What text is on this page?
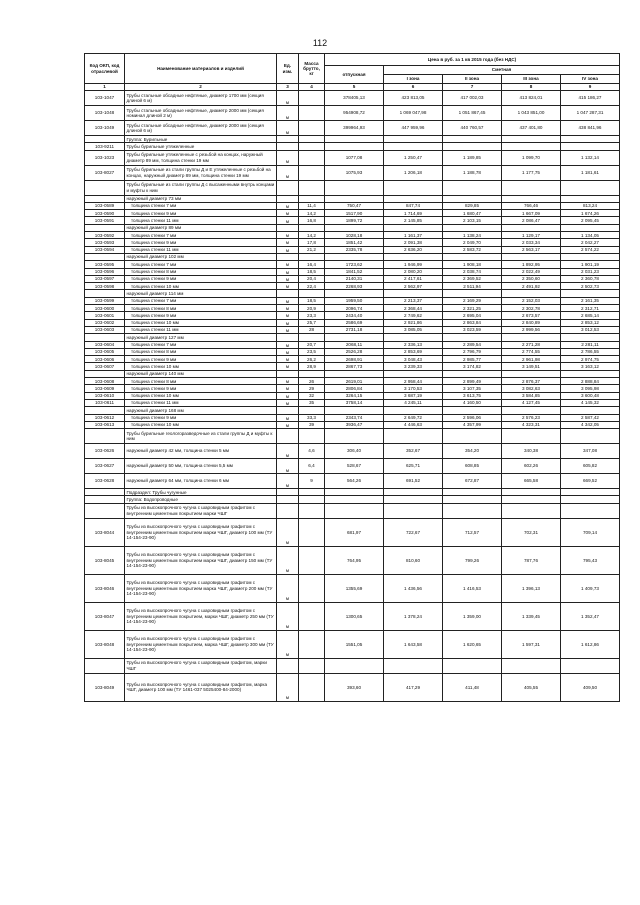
112
Код ОКП, код отраслевой	Наименование материалов и изделий	Ед. изм.	Масса брутто, кг	Цена в руб. за 1 кв 2015 года (без НДС)				
				отпускная	Сметная			
					I зона	II зона	III зона	IV зона
1	2	3	4	5	6	7	8	9
103-1047	Трубы стальные обсадные нефтяные, диаметр 1700 мм (секция длиной 6 м)	м		378405,13	423 813,05	417 002,03	413 824,01	415 186,27
103-1048	Трубы стальные обсадные нефтяные, диаметр 2000 мм (секция номинал длиной 2 м)	м		954908,72	1 069 047,98	1 051 867,45	1 043 851,00	1 047 287,31
103-1049	Трубы стальные обсадные нефтяные, диаметр 2000 мм (секция длиной 6 м)	м		399964,93	447 959,96	440 760,57	437 401,80	438 841,96
	Группа: Бурильные							
103-9211	Трубы бурильные утяжеленные							
103-1023	Трубы бурильные утяжеленные с резьбой на концах, наружный диаметр 89 мм, толщина стенки 19 мм	м		1077,08	1 250,47	1 189,85	1 099,70	1 132,14
103-8027	Трубы бурильные из стали группы Д и Е утяжеленные с резьбой на концах, наружный диаметр 89 мм, толщина стенки 19 мм	м		1075,93	1 206,18	1 188,78	1 177,75	1 181,61
	Трубы бурильные из стали группы Д с высаженными внутрь концами и муфты к ним							
	наружный диаметр 73 мм							
103-0589	толщина стенки 7 мм	м	11,4	750,47	847,74	829,85	766,46	813,24
103-0590	толщина стенки 9 мм	м	14,2	1517,90	1 714,69	1 680,47	1 667,09	1 674,26
103-0591	толщина стенки 11 мм	м	16,8	1899,72	2 145,85	2 103,15	2 086,47	2 095,45
	наружный диаметр 89 мм							
103-0592	толщина стенки 7 мм	м	14,2	1028,18	1 161,37	1 138,24	1 129,17	1 134,05
103-0593	толщина стенки 9 мм	м	17,8	1851,42	2 091,38	2 049,70	2 033,34	2 042,27
103-0594	толщина стенки 11 мм	м	21,2	2335,78	2 636,20	2 583,72	2 563,17	2 574,22
	наружный диаметр 102 мм							
103-0595	толщина стенки 7 мм	м	16,4	1723,62	1 946,99	1 908,18	1 892,95	1 901,19
103-0596	толщина стенки 8 мм	м	18,5	1841,52	2 080,20	2 038,74	2 022,49	2 031,23
103-0597	толщина стенки 9 мм	м	20,4	2140,31	2 417,61	2 369,52	2 350,60	2 360,78
103-0598	толщина стенки 10 мм	м	22,4	2268,93	2 562,97	2 511,94	2 491,92	2 502,73
	наружный диаметр 114 мм							
103-0599	толщина стенки 7 мм	м	18,5	1959,50	2 213,37	2 169,29	2 152,03	2 161,35
103-0600	толщина стенки 8 мм	м	20,9	2096,74	2 368,44	2 321,25	2 302,78	2 312,71
103-0601	толщина стенки 9 мм	м	23,3	2434,40	2 749,62	2 695,04	2 673,57	2 685,14
103-0602	толщина стенки 10 мм	м	25,7	2586,69	2 921,86	2 863,84	2 840,89	2 853,12
103-0603	толщина стенки 11 мм	м	28	2731,18	3 085,05	3 023,59	2 999,56	3 012,53
	наружный диаметр 127 мм							
103-0604	толщина стенки 7 мм	м	20,7	2068,11	2 336,13	2 289,54	2 271,28	2 281,11
103-0605	толщина стенки 8 мм	м	23,5	2526,28	2 853,69	2 796,79	2 774,55	2 786,55
103-0606	толщина стенки 9 мм	м	26,2	2698,91	3 048,43	2 985,77	2 961,98	2 974,75
103-0607	толщина стенки 10 мм	м	28,9	2867,73	3 239,33	3 174,82	3 149,51	3 163,12
	наружный диаметр 140 мм							
103-0608	толщина стенки 8 мм	м	26	2619,01	2 958,44	2 899,49	2 876,37	2 888,84
103-0609	толщина стенки 9 мм	м	29	2806,84	3 170,53	3 107,35	3 082,63	3 095,98
103-0610	толщина стенки 10 мм	м	32	3264,15	3 687,19	3 613,75	3 584,85	3 600,48
103-0611	толщина стенки 11 мм	м	35	3758,14	4 245,11	4 160,50	4 127,45	4 145,32
	наружный диаметр 168 мм							
103-0612	толщина стенки 9 мм	м	33,3	2343,74	2 649,72	2 596,06	2 576,23	2 587,42
103-0613	толщина стенки 10 мм	м	39	3936,47	4 446,63	4 357,99	4 323,31	4 342,05
	Трубы бурильные геологоразведочные из стали группы Д и муфты к ним							
103-0626	наружный диаметр 42 мм, толщина стенки 5 мм	м	4,6	306,40	352,67	354,20	340,38	347,08
103-0627	наружный диаметр 50 мм, толщина стенки 5,5 мм	м	6,4	528,67	625,71	608,85	602,26	605,82
103-0628	наружный диаметр 64 мм, толщина стенки 6 мм	м	9	564,26	691,52	672,87	665,58	669,52
	Подраздел: Трубы чугунные							
	Группа: Водопроводные							
	Трубы из высокопрочного чугуна с шаровидным графитом с внутренним цементным покрытием марки ЧШГ							
103-8044	Трубы из высокопрочного чугуна с шаровидным графитом с внутренним цементным покрытием марки ЧШГ, диаметр 100 мм (ТУ 14-154-23-90)	м		681,97	722,67	712,57	702,31	709,14
103-8045	Трубы из высокопрочного чугуна с шаровидным графитом с внутренним цементным покрытием марки ЧШГ, диаметр 150 мм (ТУ 14-154-23-90)	м		764,95	810,60	799,26	787,76	795,43
103-8046	Трубы из высокопрочного чугуна с шаровидным графитом с внутренним цементным покрытием марка ЧШГ, диаметр 200 мм (ТУ 14-154-23-90)	м		1355,69	1 436,56	1 416,53	1 396,13	1 409,73
103-8047	Трубы из высокопрочного чугуна с шаровидным графитом с внутренним цементным покрытием, марки ЧШГ, диаметр 250 мм (ТУ 14-154-23-90)	м		1300,65	1 378,24	1 359,00	1 339,45	1 352,47
103-8048	Трубы из высокопрочного чугуна с шаровидным графитом с внутренним цементным покрытием, марка ЧШГ, диаметр 300 мм (ТУ 14-154-23-90)	м		1551,05	1 643,58	1 620,65	1 597,31	1 612,86
	Трубы из высокопрочного чугуна с шаровидным графитом, марки ЧШГ							
103-8049	Трубы из высокопрочного чугуна с шаровидным графитом, марка ЧШГ, диаметр 100 мм (ТУ 1461-037 5025400-84-2000)	м		393,60	417,29	411,48	405,55	409,50
